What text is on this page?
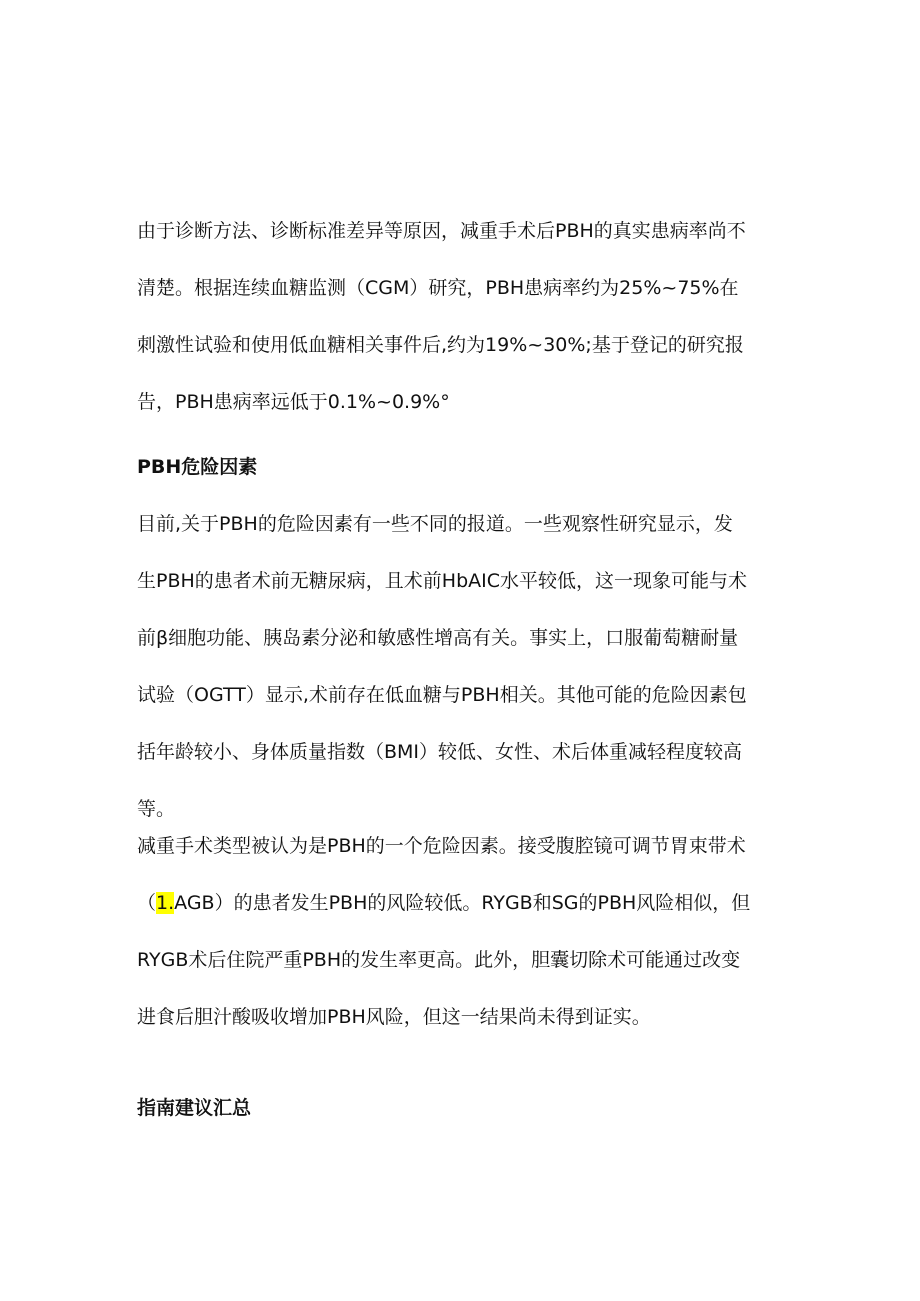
由于诊断方法、诊断标准差异等原因，减重手术后PBH的真实患病率尚不
清楚。根据连续血糖监测（CGM）研究，PBH患病率约为25%~75%在
刺激性试验和使用低血糖相关事件后,约为19%~30%;基于登记的研究报
告，PBH患病率远低于0.1%~0.9%°
PBH危险因素
目前,关于PBH的危险因素有一些不同的报道。一些观察性研究显示，发
生PBH的患者术前无糖尿病，且术前HbAIC水平较低，这一现象可能与术
前β细胞功能、胰岛素分泌和敏感性增高有关。事实上，口服葡萄糖耐量
试验（OGTT）显示,术前存在低血糖与PBH相关。其他可能的危险因素包
括年龄较小、身体质量指数（BMI）较低、女性、术后体重减轻程度较高
等。
减重手术类型被认为是PBH的一个危险因素。接受腹腔镜可调节胃束带术
（1.AGB）的患者发生PBH的风险较低。RYGB和SG的PBH风险相似，但
RYGB术后住院严重PBH的发生率更高。此外，胆囊切除术可能通过改变
进食后胆汁酸吸收增加PBH风险，但这一结果尚未得到证实。
指南建议汇总
